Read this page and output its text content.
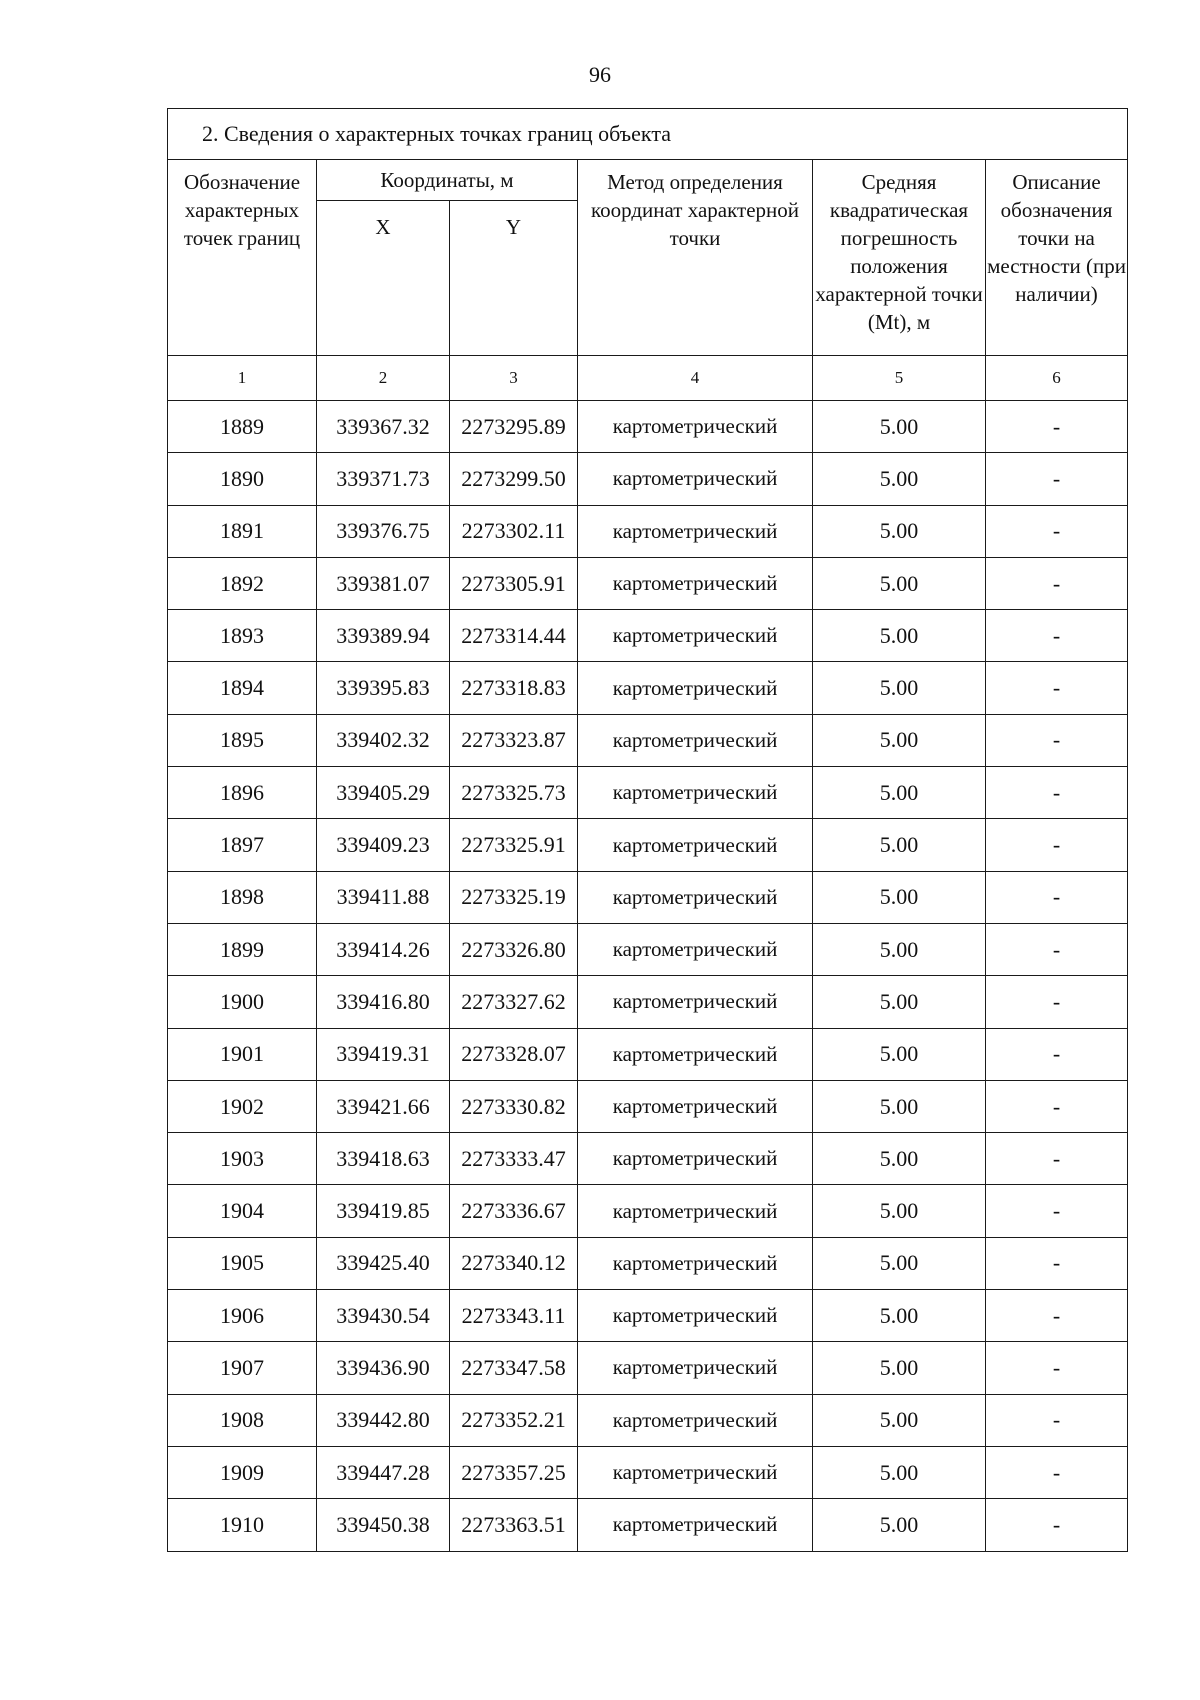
96
2. Сведения о характерных точках границ объекта					
Обозначение характерных точек границ	Координаты, м		Метод определения координат характерной точки	Средняя квадратическая погрешность положения характерной точки (Mt), м	Описание обозначения точки на местности (при наличии)
	X	Y			
1	2	3	4	5	6
1889	339367.32	2273295.89	картометрический	5.00	-
1890	339371.73	2273299.50	картометрический	5.00	-
1891	339376.75	2273302.11	картометрический	5.00	-
1892	339381.07	2273305.91	картометрический	5.00	-
1893	339389.94	2273314.44	картометрический	5.00	-
1894	339395.83	2273318.83	картометрический	5.00	-
1895	339402.32	2273323.87	картометрический	5.00	-
1896	339405.29	2273325.73	картометрический	5.00	-
1897	339409.23	2273325.91	картометрический	5.00	-
1898	339411.88	2273325.19	картометрический	5.00	-
1899	339414.26	2273326.80	картометрический	5.00	-
1900	339416.80	2273327.62	картометрический	5.00	-
1901	339419.31	2273328.07	картометрический	5.00	-
1902	339421.66	2273330.82	картометрический	5.00	-
1903	339418.63	2273333.47	картометрический	5.00	-
1904	339419.85	2273336.67	картометрический	5.00	-
1905	339425.40	2273340.12	картометрический	5.00	-
1906	339430.54	2273343.11	картометрический	5.00	-
1907	339436.90	2273347.58	картометрический	5.00	-
1908	339442.80	2273352.21	картометрический	5.00	-
1909	339447.28	2273357.25	картометрический	5.00	-
1910	339450.38	2273363.51	картометрический	5.00	-
